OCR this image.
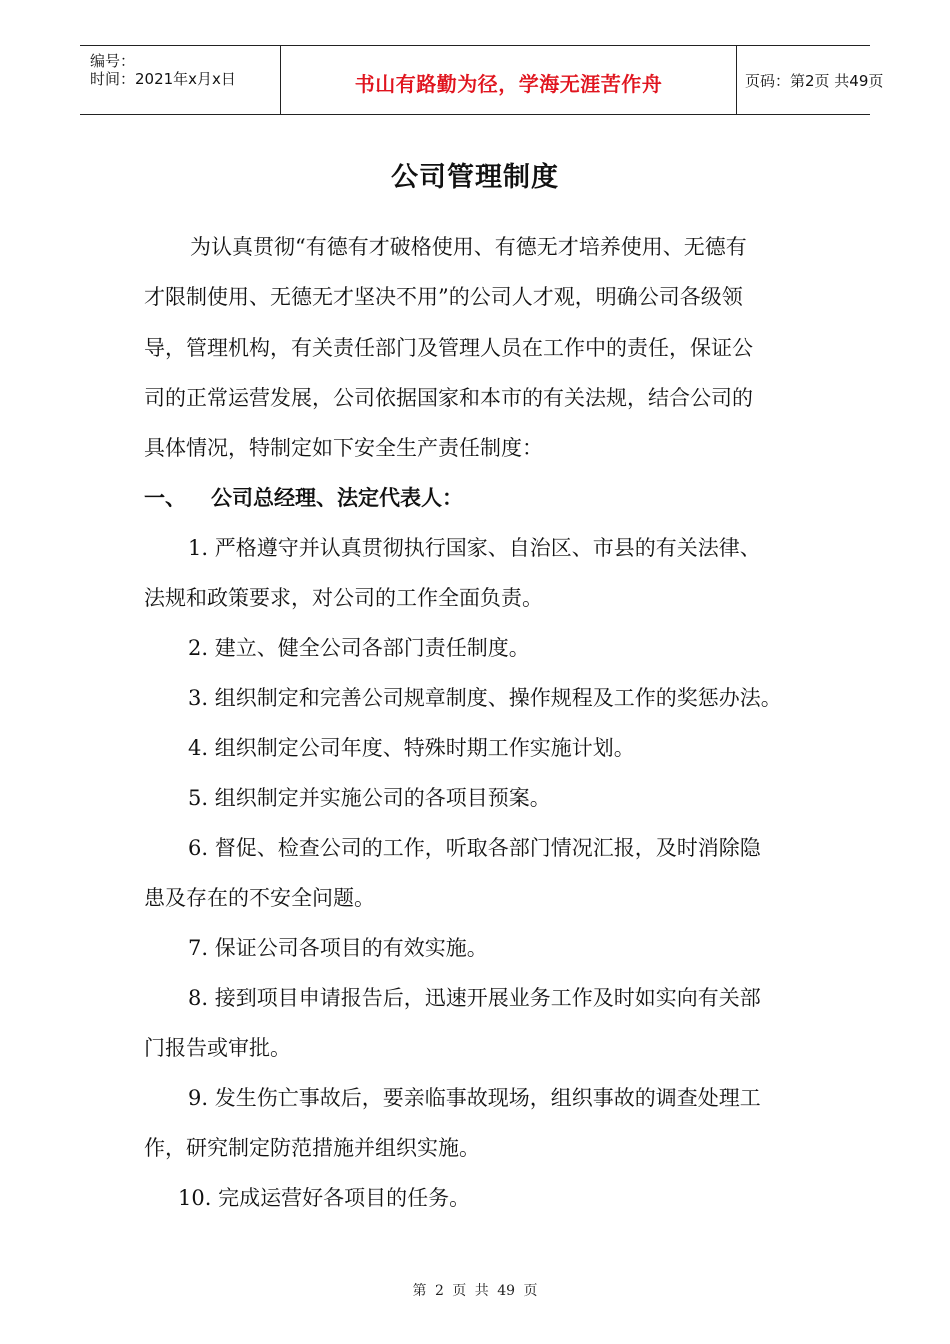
编号：
时间：2021年x月x日	书山有路勤为径，学海无涯苦作舟	页码：第2页 共49页
公司管理制度
为认真贯彻“有德有才破格使用、有德无才培养使用、无德有
才限制使用、无德无才坚决不用”的公司人才观，明确公司各级领
导，管理机构，有关责任部门及管理人员在工作中的责任，保证公
司的正常运营发展，公司依据国家和本市的有关法规，结合公司的
具体情况，特制定如下安全生产责任制度：
一、 公司总经理、法定代表人：
1. 严格遵守并认真贯彻执行国家、自治区、市县的有关法律、
法规和政策要求，对公司的工作全面负责。
2. 建立、健全公司各部门责任制度。
3. 组织制定和完善公司规章制度、操作规程及工作的奖惩办法。
4. 组织制定公司年度、特殊时期工作实施计划。
5. 组织制定并实施公司的各项目预案。
6. 督促、检查公司的工作，听取各部门情况汇报，及时消除隐
患及存在的不安全问题。
7. 保证公司各项目的有效实施。
8. 接到项目申请报告后，迅速开展业务工作及时如实向有关部
门报告或审批。
9. 发生伤亡事故后，要亲临事故现场，组织事故的调查处理工
作，研究制定防范措施并组织实施。
10. 完成运营好各项目的任务。
第 2 页 共 49 页
